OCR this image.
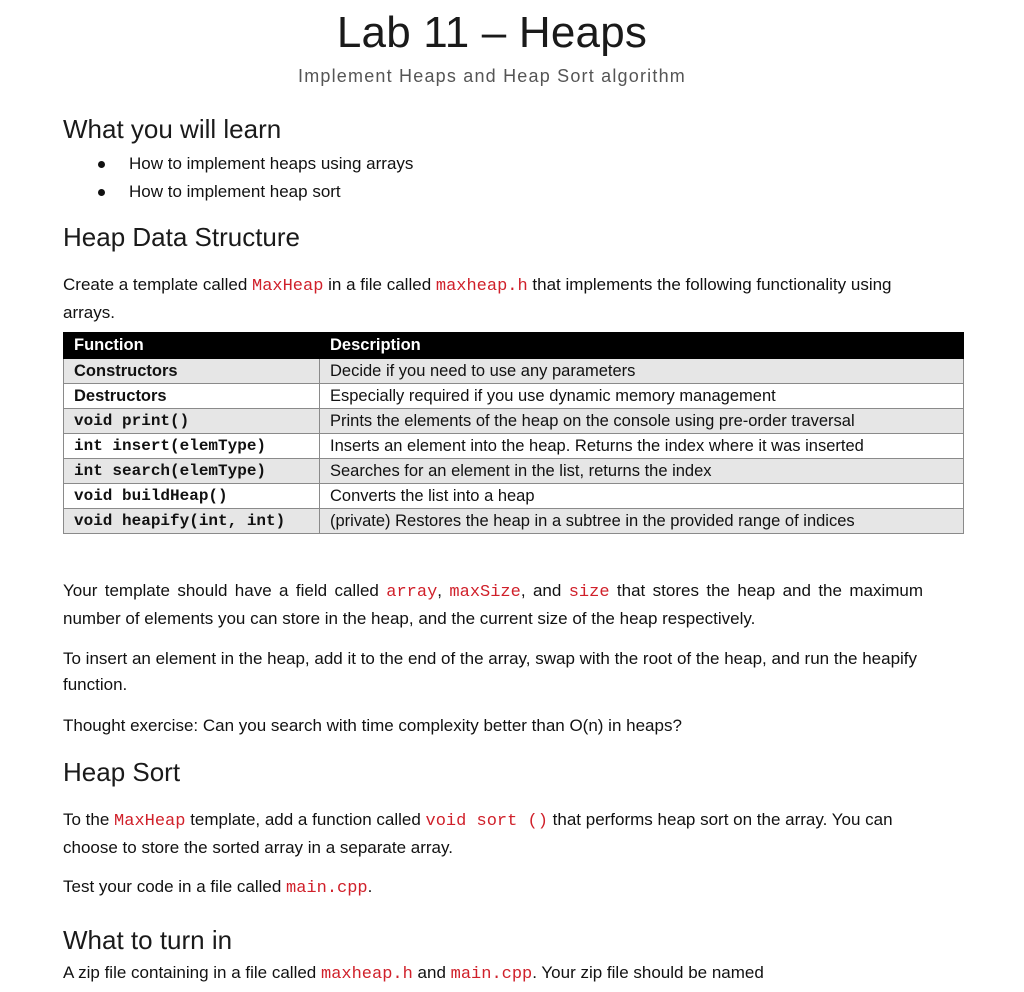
Lab 11 – Heaps
Implement Heaps and Heap Sort algorithm
What you will learn
How to implement heaps using arrays
How to implement heap sort
Heap Data Structure
Create a template called MaxHeap in a file called maxheap.h that implements the following functionality using arrays.
Function	Description
Constructors	Decide if you need to use any parameters
Destructors	Especially required if you use dynamic memory management
void print()	Prints the elements of the heap on the console using pre-order traversal
int insert(elemType)	Inserts an element into the heap. Returns the index where it was inserted
int search(elemType)	Searches for an element in the list, returns the index
void buildHeap()	Converts the list into a heap
void heapify(int, int)	(private) Restores the heap in a subtree in the provided range of indices
Your template should have a field called array, maxSize, and size that stores the heap and the maximum number of elements you can store in the heap, and the current size of the heap respectively.
To insert an element in the heap, add it to the end of the array, swap with the root of the heap, and run the heapify function.
Thought exercise: Can you search with time complexity better than O(n) in heaps?
Heap Sort
To the MaxHeap template, add a function called void sort () that performs heap sort on the array. You can choose to store the sorted array in a separate array.
Test your code in a file called main.cpp.
What to turn in
A zip file containing in a file called maxheap.h and main.cpp. Your zip file should be named
